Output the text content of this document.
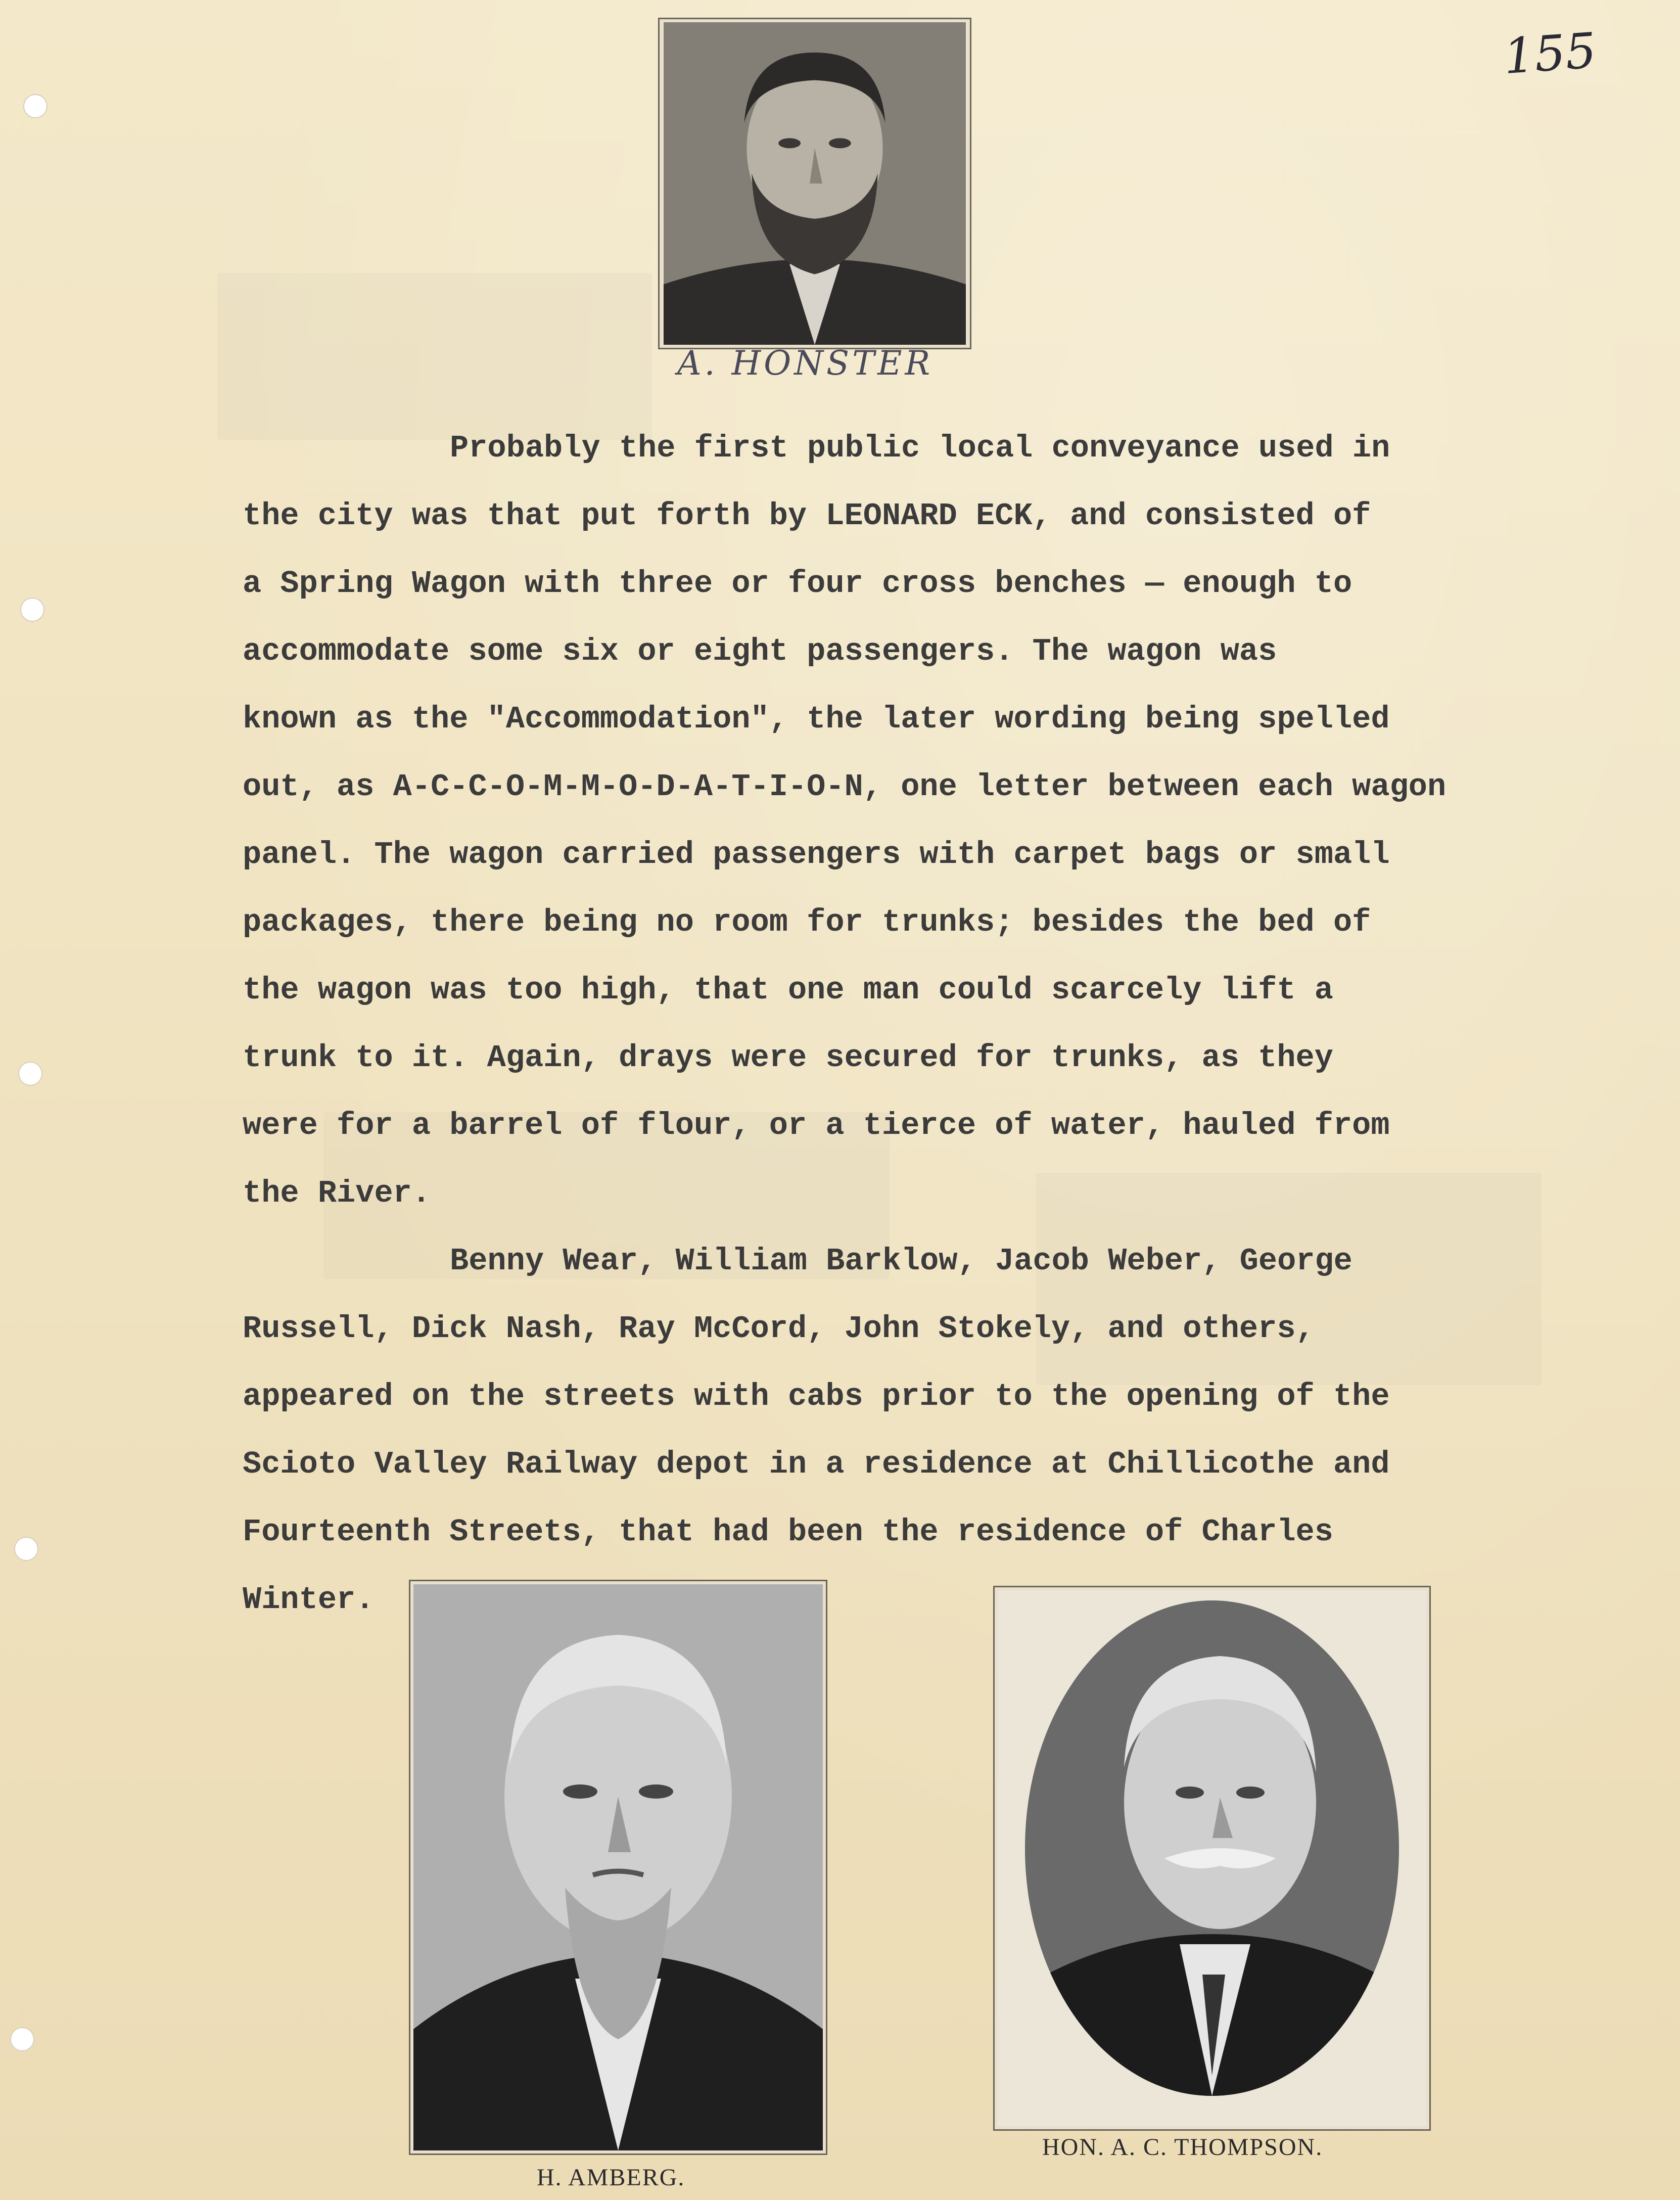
155

A. HONSTER

Probably the first public local conveyance used in

the city was that put forth by LEONARD ECK, and consisted of

a Spring Wagon with three or four cross benches — enough to

accommodate some six or eight passengers. The wagon was

known as the "Accommodation", the later wording being spelled

out, as A-C-C-O-M-M-O-D-A-T-I-O-N, one letter between each wagon

panel. The wagon carried passengers with carpet bags or small

packages, there being no room for trunks; besides the bed of

the wagon was too high, that one man could scarcely lift a

trunk to it. Again, drays were secured for trunks, as they

were for a barrel of flour, or a tierce of water, hauled from

the River.

Benny Wear, William Barklow, Jacob Weber, George

Russell, Dick Nash, Ray McCord, John Stokely, and others,

appeared on the streets with cabs prior to the opening of the

Scioto Valley Railway depot in a residence at Chillicothe and

Fourteenth Streets, that had been the residence of Charles

Winter.

H. AMBERG.

HON. A. C. THOMPSON.
